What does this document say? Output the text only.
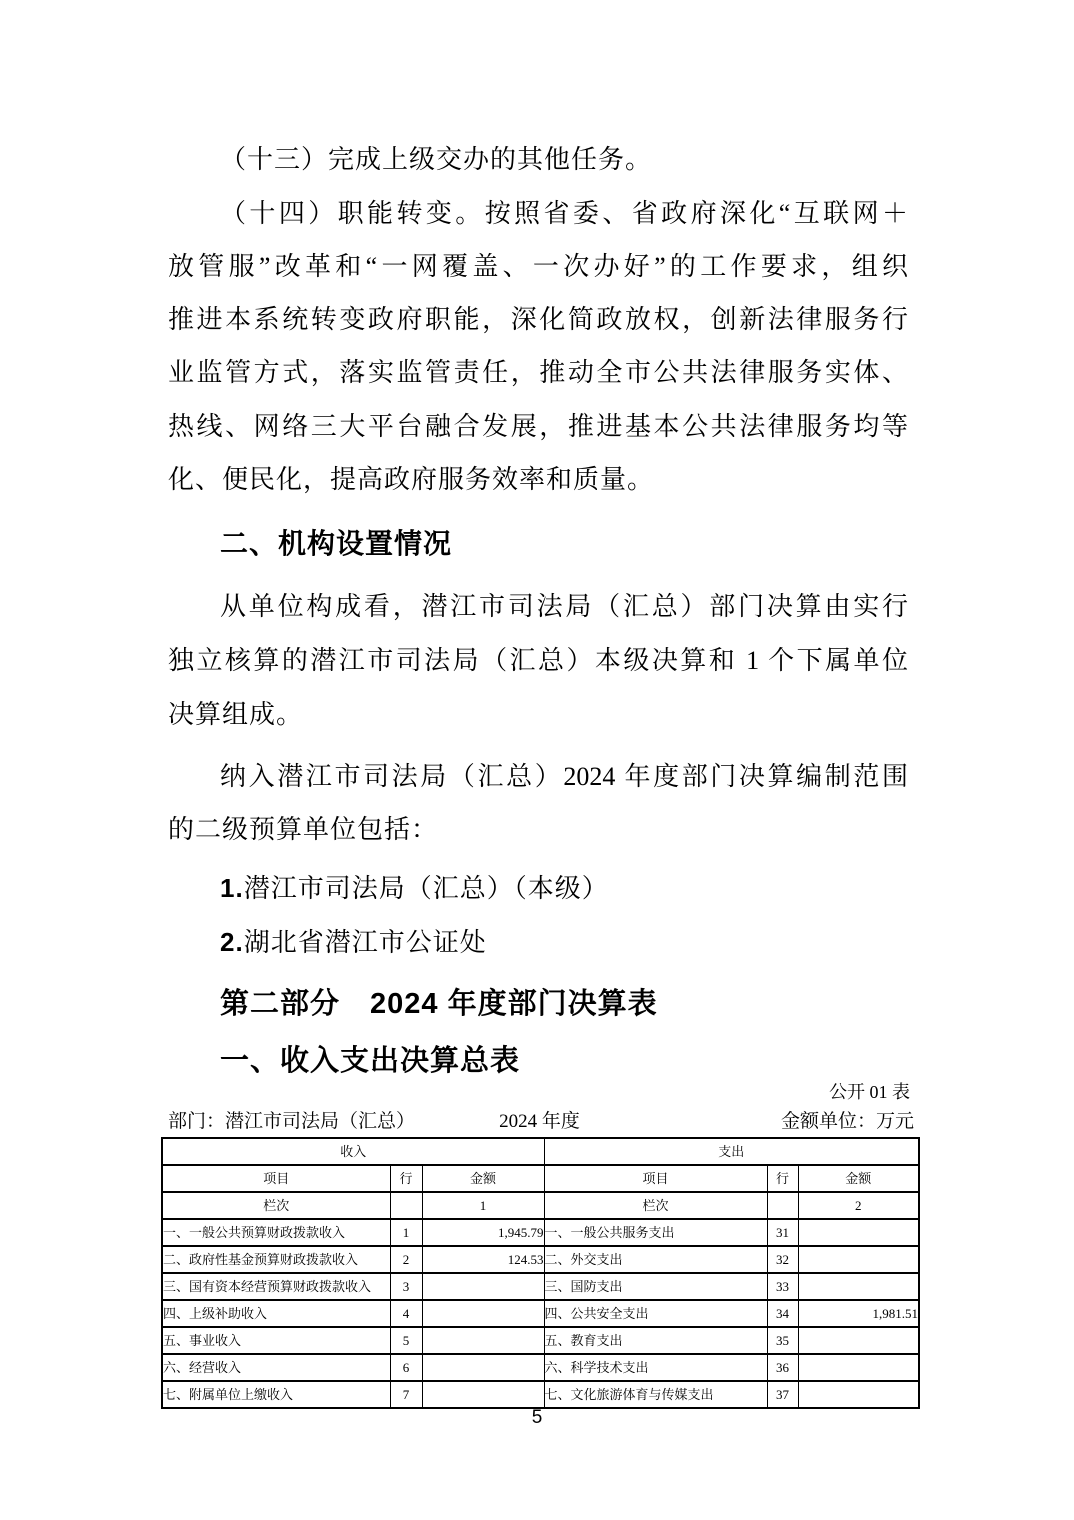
（十三）完成上级交办的其他任务。
（十四）职能转变。按照省委、省政府深化“互联网＋
放管服”改革和“一网覆盖、一次办好”的工作要求，组织
推进本系统转变政府职能，深化简政放权，创新法律服务行
业监管方式，落实监管责任，推动全市公共法律服务实体、
热线、网络三大平台融合发展，推进基本公共法律服务均等
化、便民化，提高政府服务效率和质量。
二、机构设置情况
从单位构成看，潜江市司法局（汇总）部门决算由实行
独立核算的潜江市司法局（汇总）本级决算和 1 个下属单位
决算组成。
纳入潜江市司法局（汇总）2024 年度部门决算编制范围
的二级预算单位包括：
1.潜江市司法局（汇总）（本级）
2.湖北省潜江市公证处
第二部分　2024 年度部门决算表
一、收入支出决算总表
公开 01 表
部门：潜江市司法局（汇总）	2024 年度	金额单位：万元
收入			支出		
项目	行	金额	项目	行	金额
栏次		1	栏次		2
一、一般公共预算财政拨款收入	1	1,945.79	一、一般公共服务支出	31	
二、政府性基金预算财政拨款收入	2	124.53	二、外交支出	32	
三、国有资本经营预算财政拨款收入	3		三、国防支出	33	
四、上级补助收入	4		四、公共安全支出	34	1,981.51
五、事业收入	5		五、教育支出	35	
六、经营收入	6		六、科学技术支出	36	
七、附属单位上缴收入	7		七、文化旅游体育与传媒支出	37	
5
